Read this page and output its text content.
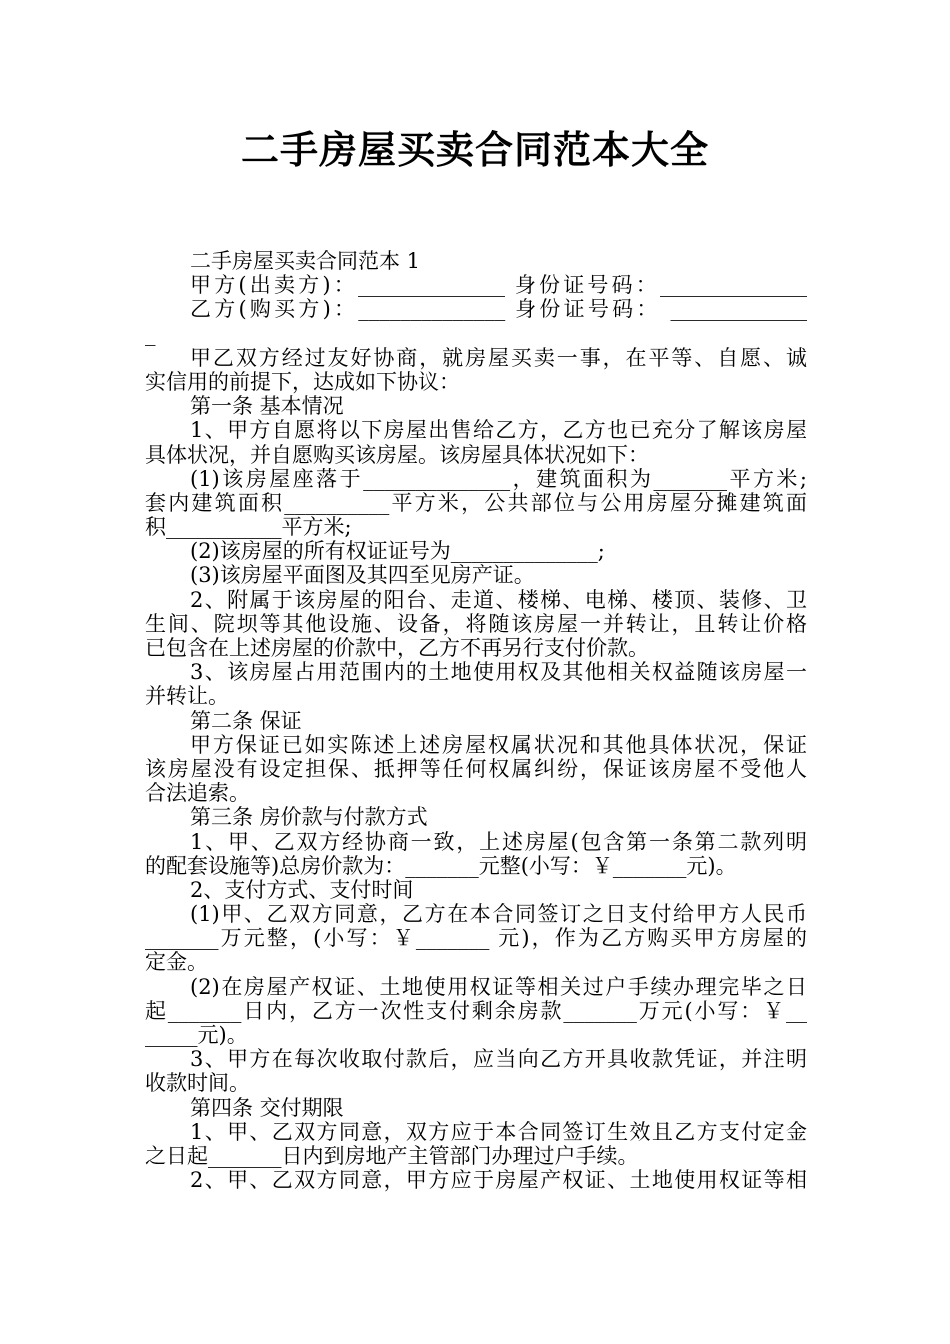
二手房屋买卖合同范本大全
二手房屋买卖合同范本 1
甲方(出卖方)：______________ 身份证号码：______________
乙方(购买方)：______________ 身份证号码： _____________
_
甲乙双方经过友好协商，就房屋买卖一事，在平等、自愿、诚
实信用的前提下，达成如下协议：
第一条 基本情况
1、甲方自愿将以下房屋出售给乙方，乙方也已充分了解该房屋
具体状况，并自愿购买该房屋。该房屋具体状况如下：
(1)该房屋座落于______________，建筑面积为_______平方米;
套内建筑面积__________平方米，公共部位与公用房屋分摊建筑面
积___________平方米;
(2)该房屋的所有权证证号为______________;
(3)该房屋平面图及其四至见房产证。
2、附属于该房屋的阳台、走道、楼梯、电梯、楼顶、装修、卫
生间、院坝等其他设施、设备，将随该房屋一并转让，且转让价格
已包含在上述房屋的价款中，乙方不再另行支付价款。
3、该房屋占用范围内的土地使用权及其他相关权益随该房屋一
并转让。
第二条 保证
甲方保证已如实陈述上述房屋权属状况和其他具体状况，保证
该房屋没有设定担保、抵押等任何权属纠纷，保证该房屋不受他人
合法追索。
第三条 房价款与付款方式
1、甲、乙双方经协商一致，上述房屋(包含第一条第二款列明
的配套设施等)总房价款为：_______元整(小写：￥_______元)。
2、支付方式、支付时间
(1)甲、乙双方同意，乙方在本合同签订之日支付给甲方人民币
_______万元整，(小写：￥_______ 元)，作为乙方购买甲方房屋的
定金。
(2)在房屋产权证、土地使用权证等相关过户手续办理完毕之日
起_______日内，乙方一次性支付剩余房款_______万元(小写：￥__
_____元)。
3、甲方在每次收取付款后，应当向乙方开具收款凭证，并注明
收款时间。
第四条 交付期限
1、甲、乙双方同意，双方应于本合同签订生效且乙方支付定金
之日起_______日内到房地产主管部门办理过户手续。
2、甲、乙双方同意，甲方应于房屋产权证、土地使用权证等相
